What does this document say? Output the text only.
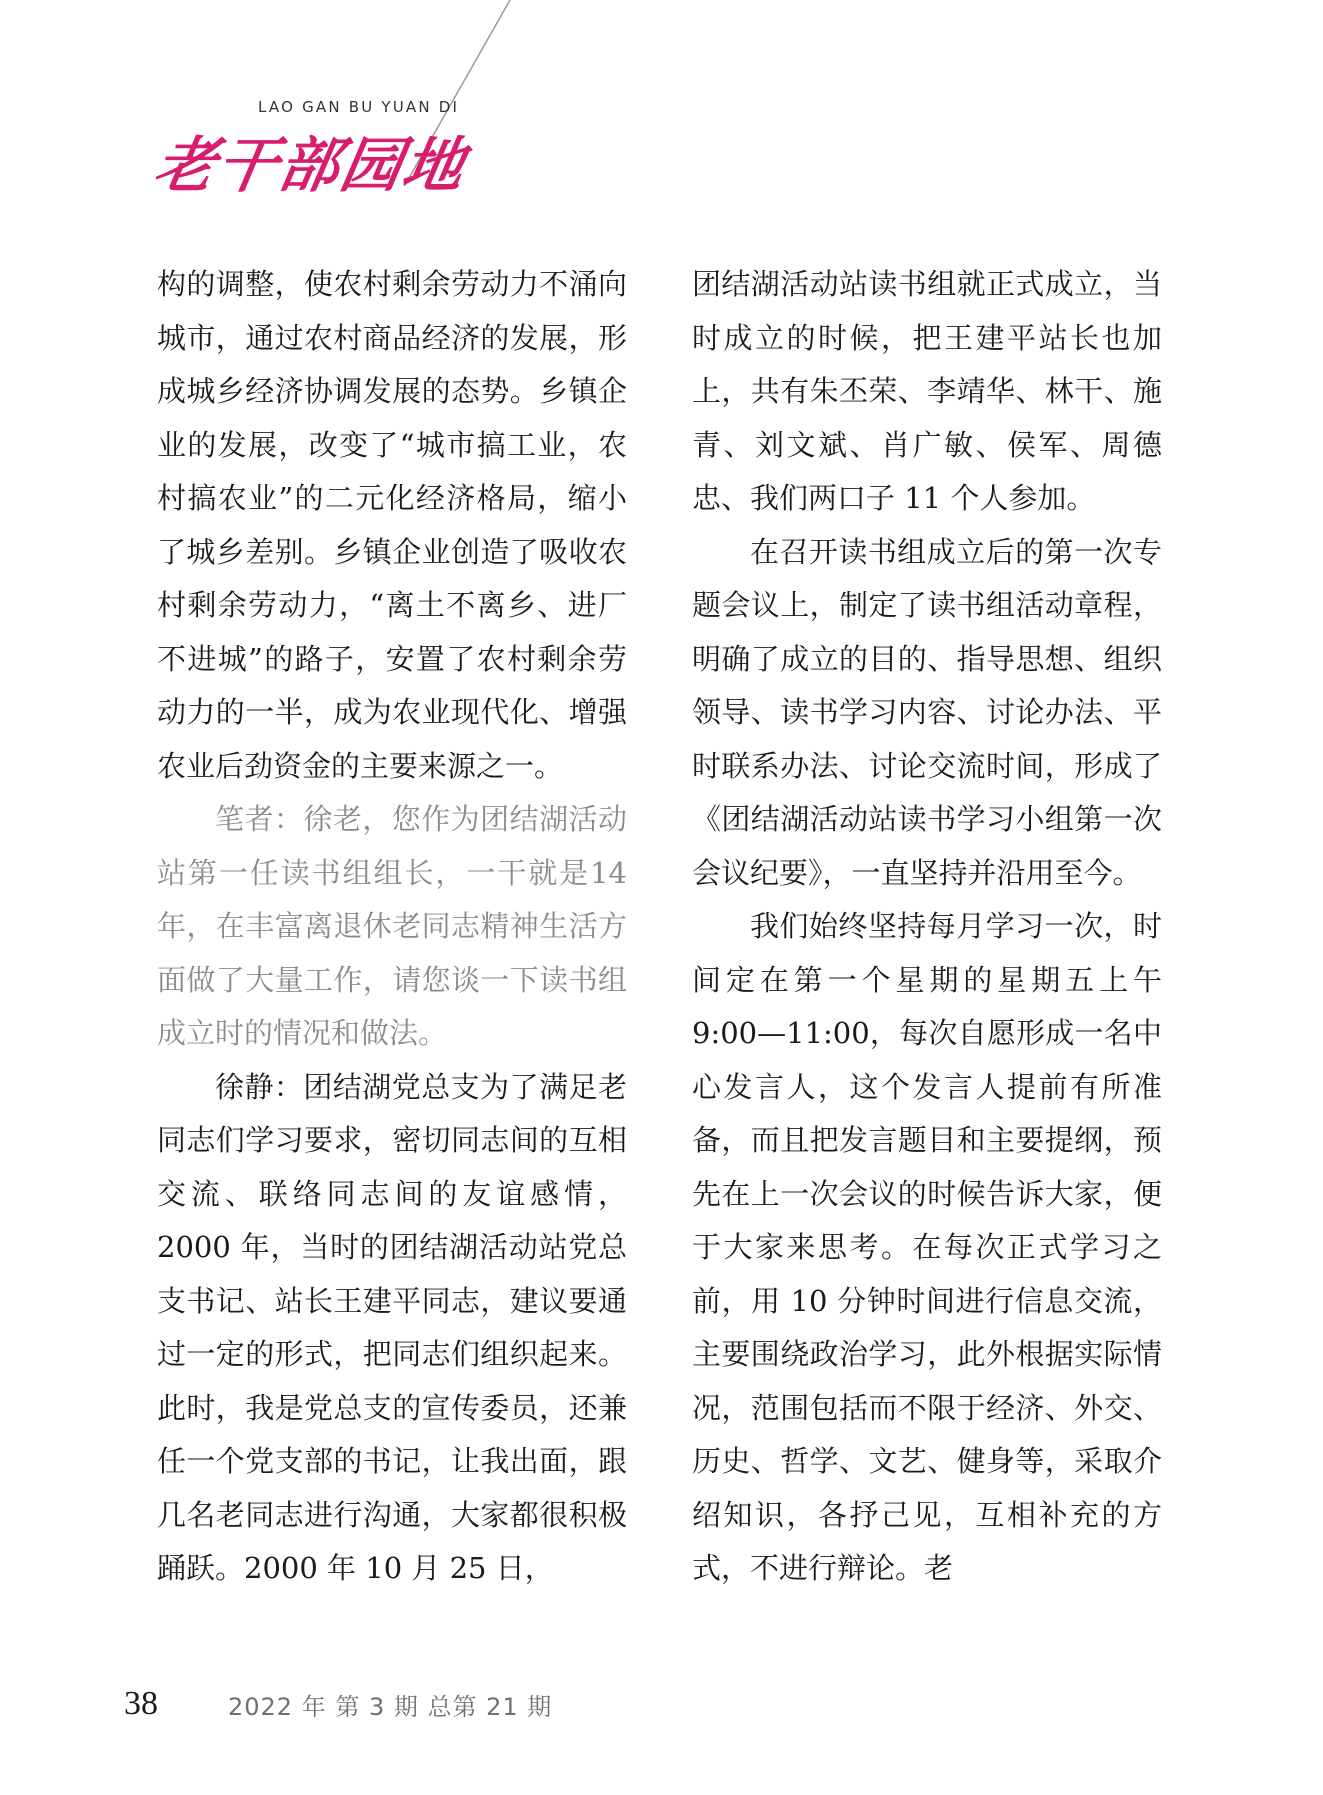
LAO GAN BU YUAN DI
老干部园地

构的调整，使农村剩余劳动力不涌向城市，通过农村商品经济的发展，形成城乡经济协调发展的态势。乡镇企业的发展，改变了“城市搞工业，农村搞农业”的二元化经济格局，缩小了城乡差别。乡镇企业创造了吸收农村剩余劳动力，“离土不离乡、进厂不进城”的路子，安置了农村剩余劳动力的一半，成为农业现代化、增强农业后劲资金的主要来源之一。

笔者：徐老，您作为团结湖活动站第一任读书组组长，一干就是14 年，在丰富离退休老同志精神生活方面做了大量工作，请您谈一下读书组成立时的情况和做法。

徐静：团结湖党总支为了满足老同志们学习要求，密切同志间的互相交流、联络同志间的友谊感情，2000 年，当时的团结湖活动站党总支书记、站长王建平同志，建议要通过一定的形式，把同志们组织起来。此时，我是党总支的宣传委员，还兼任一个党支部的书记，让我出面，跟几名老同志进行沟通，大家都很积极踊跃。2000 年 10 月 25 日，

团结湖活动站读书组就正式成立，当时成立的时候，把王建平站长也加上，共有朱丕荣、李靖华、林干、施青、刘文斌、肖广敏、侯军、周德忠、我们两口子 11 个人参加。

在召开读书组成立后的第一次专题会议上，制定了读书组活动章程，明确了成立的目的、指导思想、组织领导、读书学习内容、讨论办法、平时联系办法、讨论交流时间，形成了《团结湖活动站读书学习小组第一次会议纪要》，一直坚持并沿用至今。

我们始终坚持每月学习一次，时间定在第一个星期的星期五上午 9:00—11:00，每次自愿形成一名中心发言人，这个发言人提前有所准备，而且把发言题目和主要提纲，预先在上一次会议的时候告诉大家，便于大家来思考。在每次正式学习之前，用 10 分钟时间进行信息交流，主要围绕政治学习，此外根据实际情况，范围包括而不限于经济、外交、历史、哲学、文艺、健身等，采取介绍知识，各抒己见，互相补充的方式，不进行辩论。老

38	2022 年 第 3 期 总第 21 期
